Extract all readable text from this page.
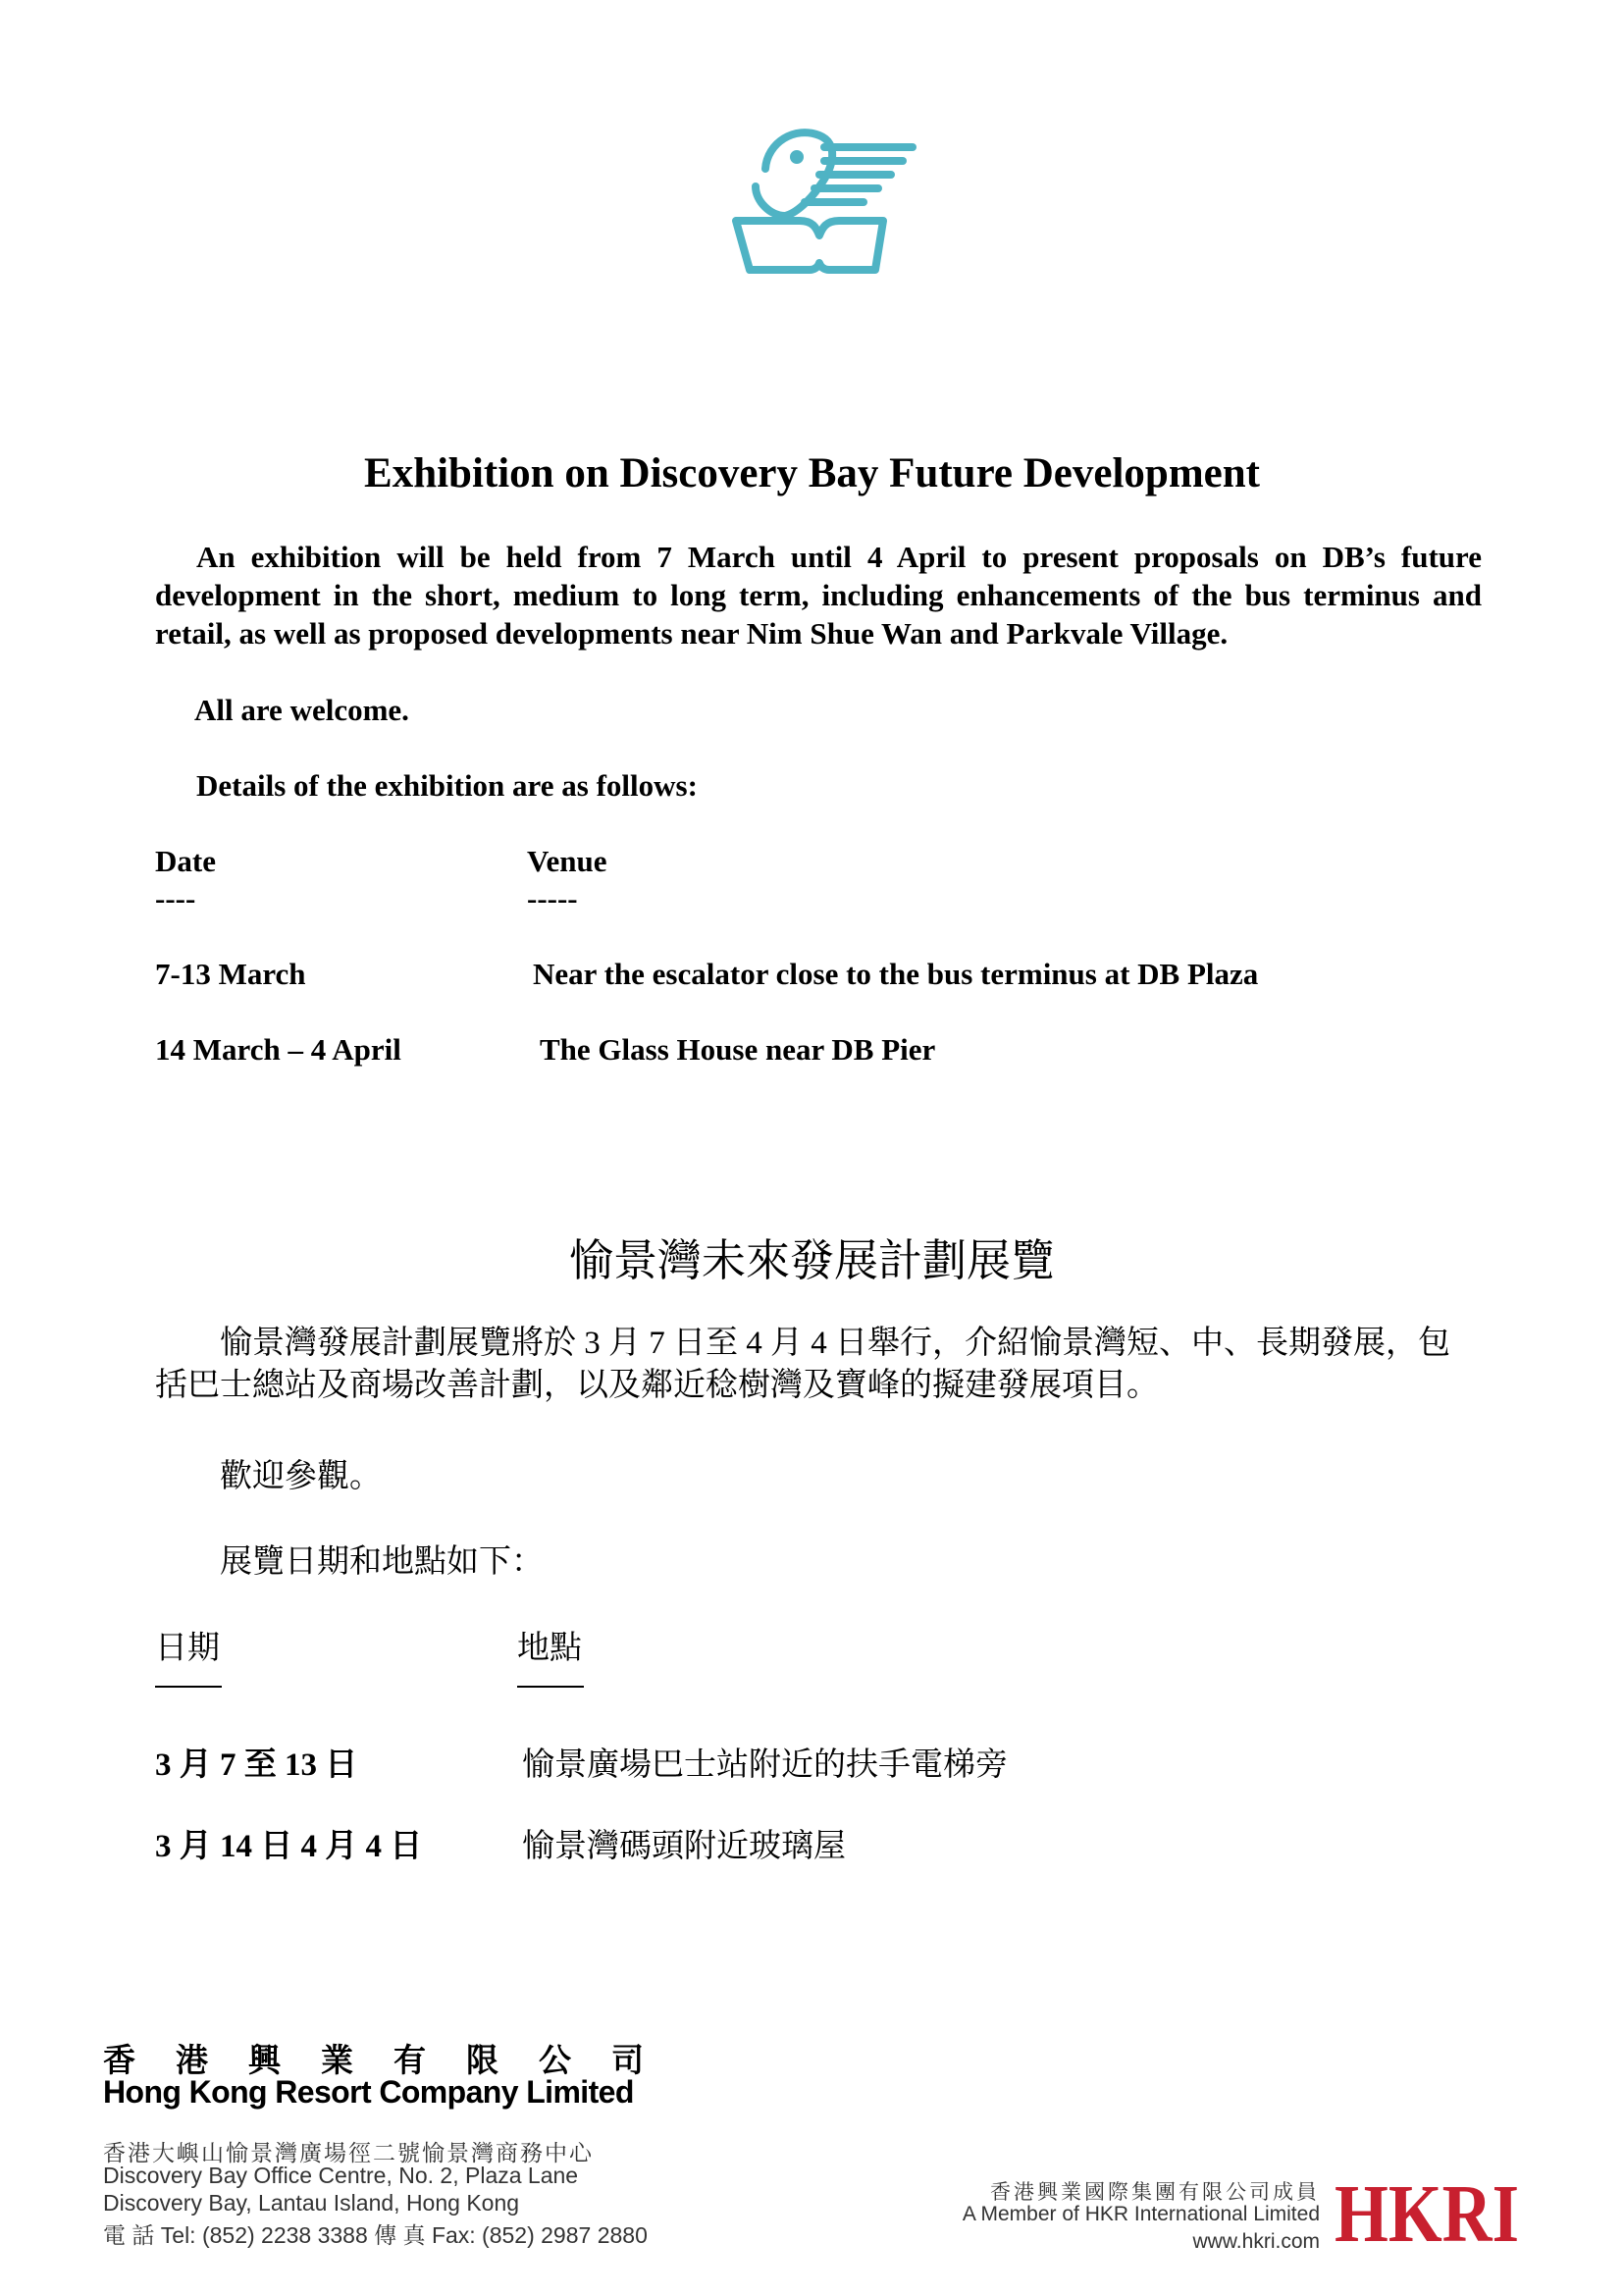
Exhibition on Discovery Bay Future Development
An exhibition will be held from 7 March until 4 April to present proposals on DB’s future development in the short, medium to long term, including enhancements of the bus terminus and retail, as well as proposed developments near Nim Shue Wan and Parkvale Village.
All are welcome.
Details of the exhibition are as follows:
Date	Venue
----	-----
7-13 March	Near the escalator close to the bus terminus at DB Plaza
14 March – 4 April	The Glass House near DB Pier
愉景灣未來發展計劃展覽
愉景灣發展計劃展覽將於 3 月 7 日至 4 月 4 日舉行，介紹愉景灣短、中、長期發展，包括巴士總站及商場改善計劃，以及鄰近稔樹灣及寶峰的擬建發展項目。
歡迎參觀。
展覽日期和地點如下：
日期	地點
3 月 7 至 13 日	愉景廣場巴士站附近的扶手電梯旁
3 月 14 日 4 月 4 日	愉景灣碼頭附近玻璃屋
香港興業有限公司
Hong Kong Resort Company Limited
香港大嶼山愉景灣廣場徑二號愉景灣商務中心
Discovery Bay Office Centre, No. 2, Plaza Lane
Discovery Bay, Lantau Island, Hong Kong
電 話 Tel: (852) 2238 3388 傳 真 Fax: (852) 2987 2880
香港興業國際集團有限公司成員
A Member of HKR International Limited
www.hkri.com HKRI
